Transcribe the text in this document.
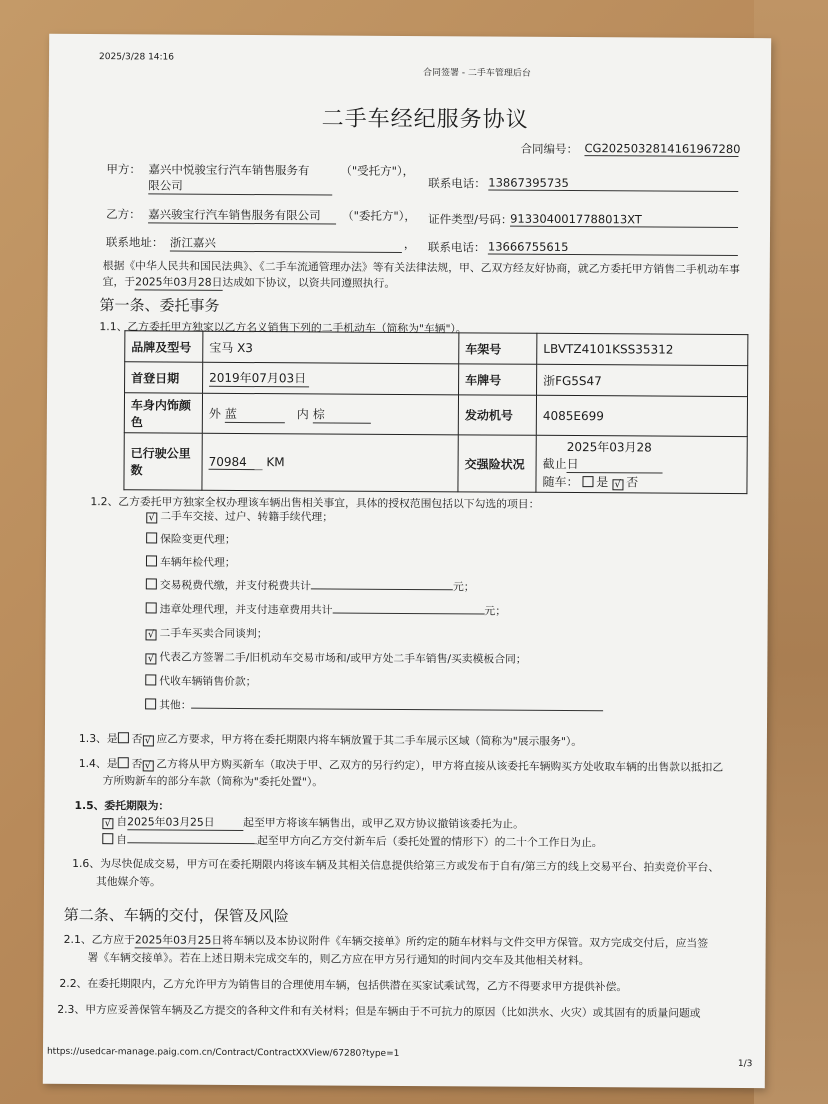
2025/3/28 14:16
合同签署 - 二手车管理后台
二手车经纪服务协议
合同编号： CG20250328141619672​80
甲方： 嘉兴中悦骏宝行汽车销售服务有
限公司
（"受托方"），
联系电话： 13867395735
乙方： 嘉兴骏宝行汽车销售服务有限公司	（"委托方"）， 证件类型/号码：
9133040017788013XT
联系地址： 浙江嘉兴	， 联系电话： 13666755615
根据《中华人民共和国民法典》、《二手车流通管理办法》等有关法律法规，甲、乙双方经友好协商，就乙方委托甲方销售二手机动车事
宜，于2025年03月28日达成如下协议，以资共同遵照执行。
第一条、委托事务
1.1、乙方委托甲方独家以乙方名义销售下列的二手机动车（简称为"车辆"）。
品牌及型号	宝马 X3	车架号	LBVTZ4101KSS35312
首登日期	2019年07月03日	车牌号	浙FG5S47
车身内饰颜色	外 蓝 内 棕	发动机号	4085E699
已行驶公里数	70984 KM	交强险状况	截止2025年03月28日
随车： 是 √ 否
1.2、乙方委托甲方独家全权办理该车辆出售相关事宜，具体的授权范围包括以下勾选的项目：
√ 二手车交接、过户、转籍手续代理；
保险变更代理；
车辆年检代理；
交易税费代缴，并支付税费共计	元；
违章处理代理，并支付违章费用共计	元；
√ 二手车买卖合同谈判；
√ 代表乙方签署二手/旧机动车交易市场和/或甲方处二手车销售/买卖模板合同；
代收车辆销售价款；
其他：
1.3、是 否 √ 应乙方要求，甲方将在委托期限内将车辆放置于其二手车展示区域（简称为"展示服务"）。
1.4、是 否 √ 乙方将从甲方购买新车（取决于甲、乙双方的另行约定），甲方将直接从该委托车辆购买方处收取车辆的出售款以抵扣乙
方所购新车的部分车款（简称为"委托处置"）。
1.5、委托期限为：
√ 自2025年03月25日	起至甲方将该车辆售出，或甲乙双方协议撤销该委托为止。
自	起至甲方向乙方交付新车后（委托处置的情形下）的二十个工作日为止。
1.6、为尽快促成交易，甲方可在委托期限内将该车辆及其相关信息提供给第三方或发布于自有/第三方的线上交易平台、拍卖竞价平台、
其他媒介等。
第二条、车辆的交付，保管及风险
2.1、乙方应于2025年03月25日将车辆以及本协议附件《车辆交接单》所约定的随车材料与文件交甲方保管。双方完成交付后，应当签
署《车辆交接单》。若在上述日期未完成交车的，则乙方应在甲方另行通知的时间内交车及其他相关材料。
2.2、在委托期限内，乙方允许甲方为销售目的合理使用车辆，包括供潜在买家试乘试驾，乙方不得要求甲方提供补偿。
2.3、甲方应妥善保管车辆及乙方提交的各种文件和有关材料；但是车辆由于不可抗力的原因（比如洪水、火灾）或其固有的质量问题或
https://usedcar-manage.paig.com.cn/Contract/ContractXXView/67280?type=1
1/3
